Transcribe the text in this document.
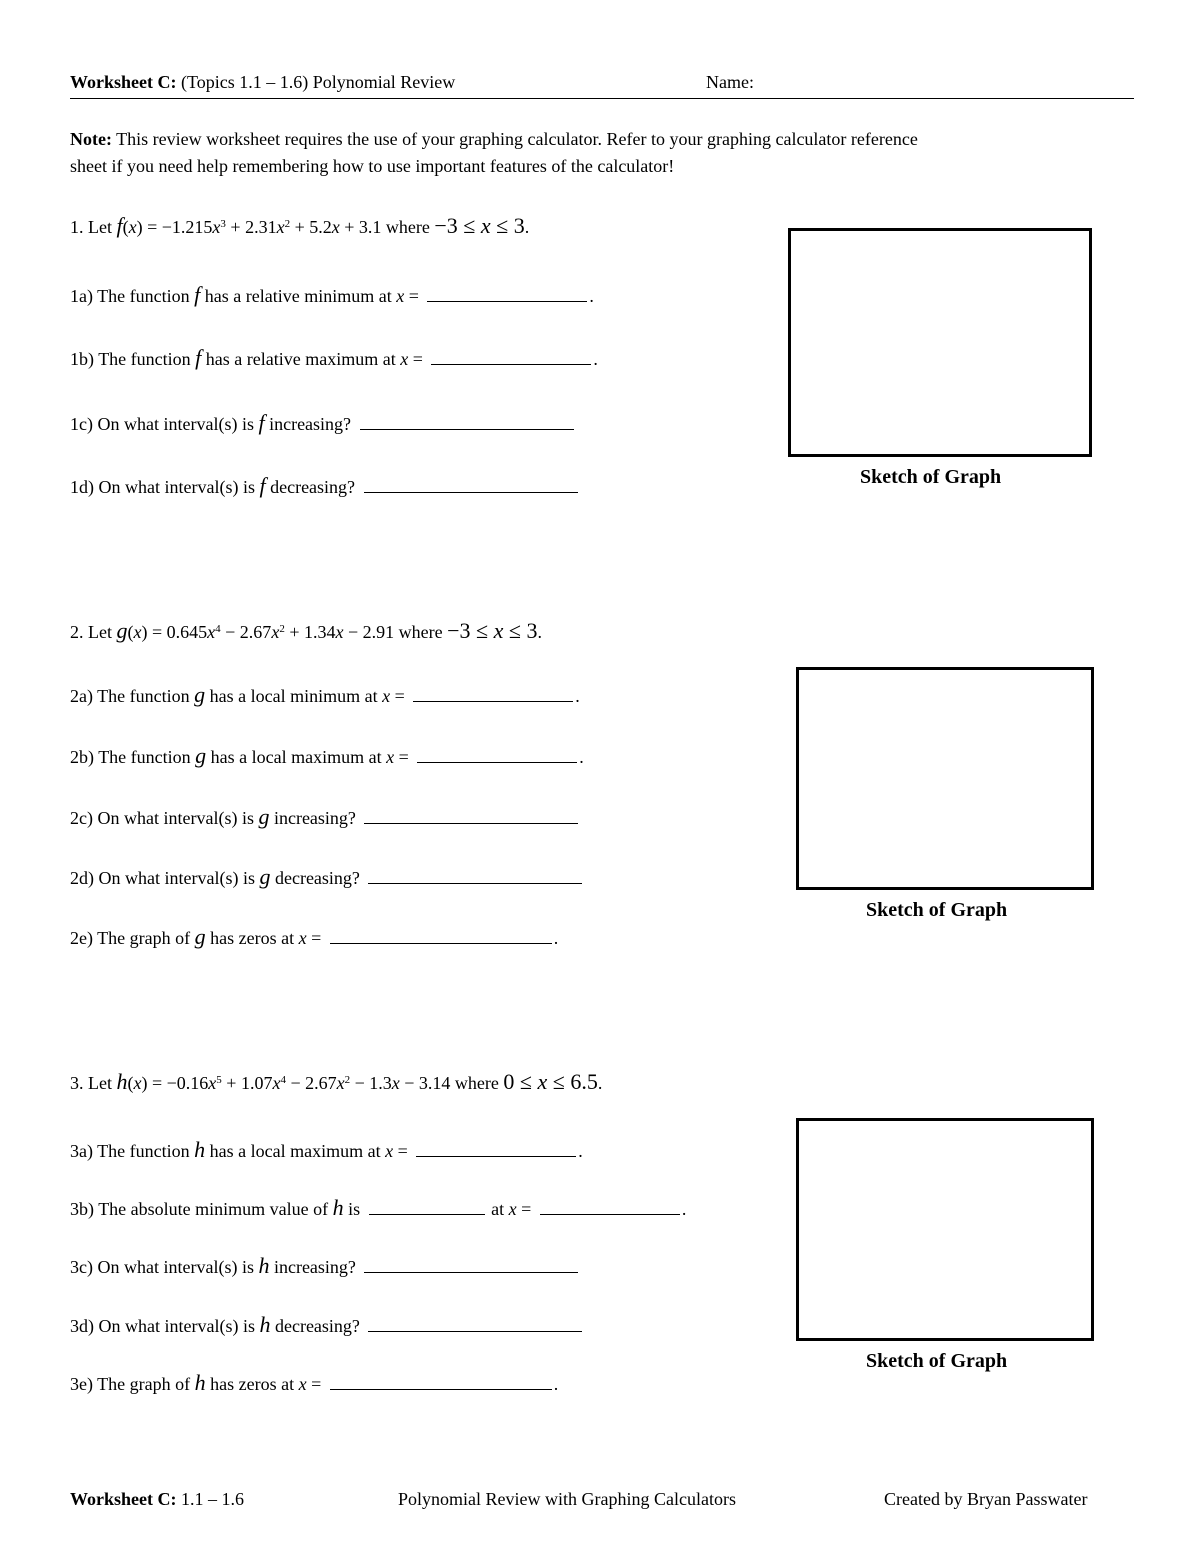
Worksheet C: (Topics 1.1 – 1.6) Polynomial Review	Name:
Note: This review worksheet requires the use of your graphing calculator. Refer to your graphing calculator reference
sheet if you need help remembering how to use important features of the calculator!
1. Let $f(x) = -1.215x^3 + 2.31x^2 + 5.2x + 3.1$ where −3 ≤ x ≤ 3.
1a) The function f has a relative minimum at x =	.
1b) The function f has a relative maximum at x =	.
1c) On what interval(s) is f increasing?
1d) On what interval(s) is f decreasing?	Sketch of Graph
2. Let $g(x) = 0.645x^4 - 2.67x^2 + 1.34x - 2.91$ where −3 ≤ x ≤ 3.
2a) The function g has a local minimum at x =	.
2b) The function g has a local maximum at x =	.
2c) On what interval(s) is g increasing?
2d) On what interval(s) is g decreasing?
2e) The graph of g has zeros at x =	.
Sketch of Graph
3. Let $h(x) = -0.16x^5 + 1.07x^4 - 2.67x^2 - 1.3x - 3.14$ where 0 ≤ x ≤ 6.5.
3a) The function h has a local maximum at x =	.
3b) The absolute minimum value of h is	at x =	.
3c) On what interval(s) is h increasing?
3d) On what interval(s) is h decreasing?
3e) The graph of h has zeros at x =	.
Sketch of Graph
Worksheet C: 1.1 – 1.6	Polynomial Review with Graphing Calculators	Created by Bryan Passwater
